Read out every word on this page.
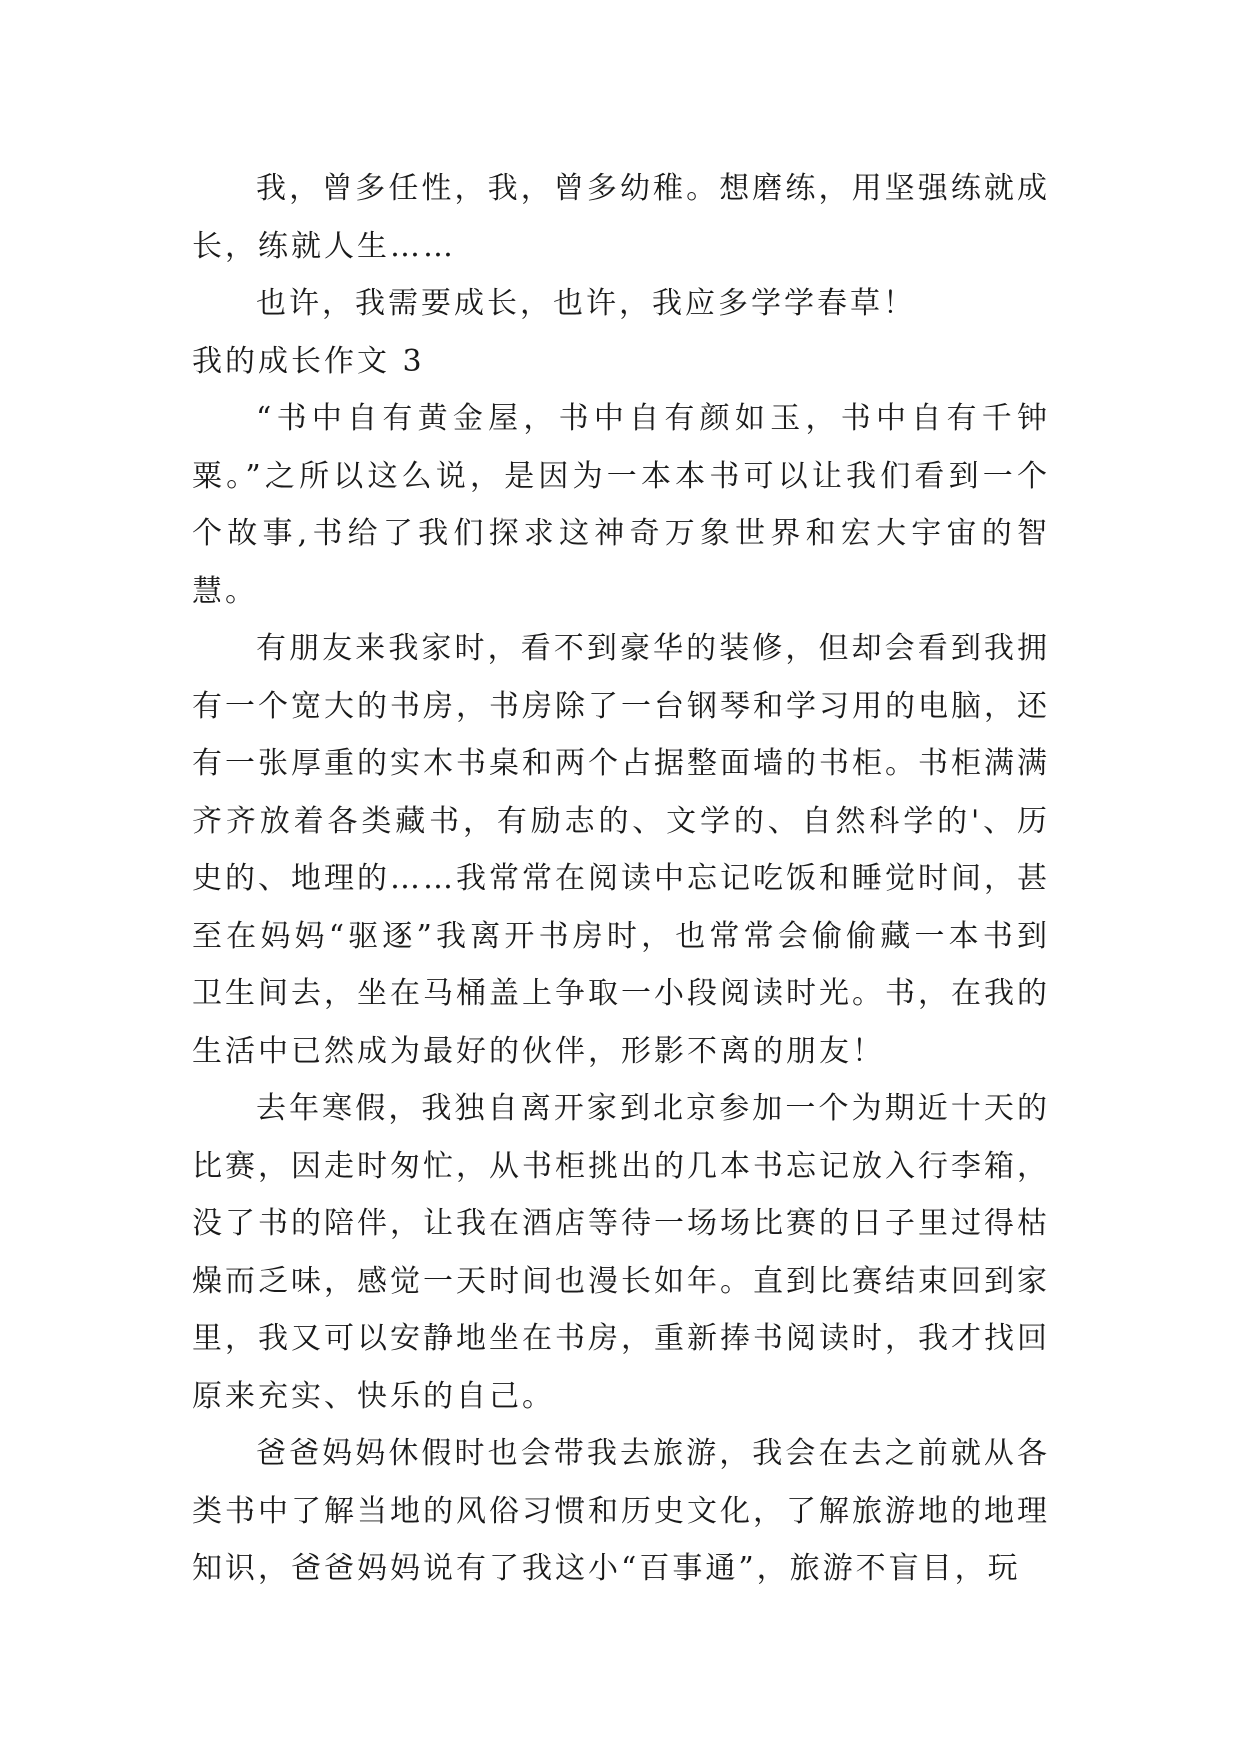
我，曾多任性，我，曾多幼稚。想磨练，用坚强练就成长，练就人生……

也许，我需要成长，也许，我应多学学春草！

我的成长作文 3

“书中自有黄金屋，书中自有颜如玉，书中自有千钟粟。”之所以这么说，是因为一本本书可以让我们看到一个个故事,书给了我们探求这神奇万象世界和宏大宇宙的智慧。

有朋友来我家时，看不到豪华的装修，但却会看到我拥有一个宽大的书房，书房除了一台钢琴和学习用的电脑，还有一张厚重的实木书桌和两个占据整面墙的书柜。书柜满满齐齐放着各类藏书，有励志的、文学的、自然科学的'、历史的、地理的……我常常在阅读中忘记吃饭和睡觉时间，甚至在妈妈“驱逐”我离开书房时，也常常会偷偷藏一本书到卫生间去，坐在马桶盖上争取一小段阅读时光。书，在我的生活中已然成为最好的伙伴，形影不离的朋友！

去年寒假，我独自离开家到北京参加一个为期近十天的比赛，因走时匆忙，从书柜挑出的几本书忘记放入行李箱，没了书的陪伴，让我在酒店等待一场场比赛的日子里过得枯燥而乏味，感觉一天时间也漫长如年。直到比赛结束回到家里，我又可以安静地坐在书房，重新捧书阅读时，我才找回原来充实、快乐的自己。

爸爸妈妈休假时也会带我去旅游，我会在去之前就从各类书中了解当地的风俗习惯和历史文化，了解旅游地的地理知识，爸爸妈妈说有了我这小“百事通”，旅游不盲目，玩
